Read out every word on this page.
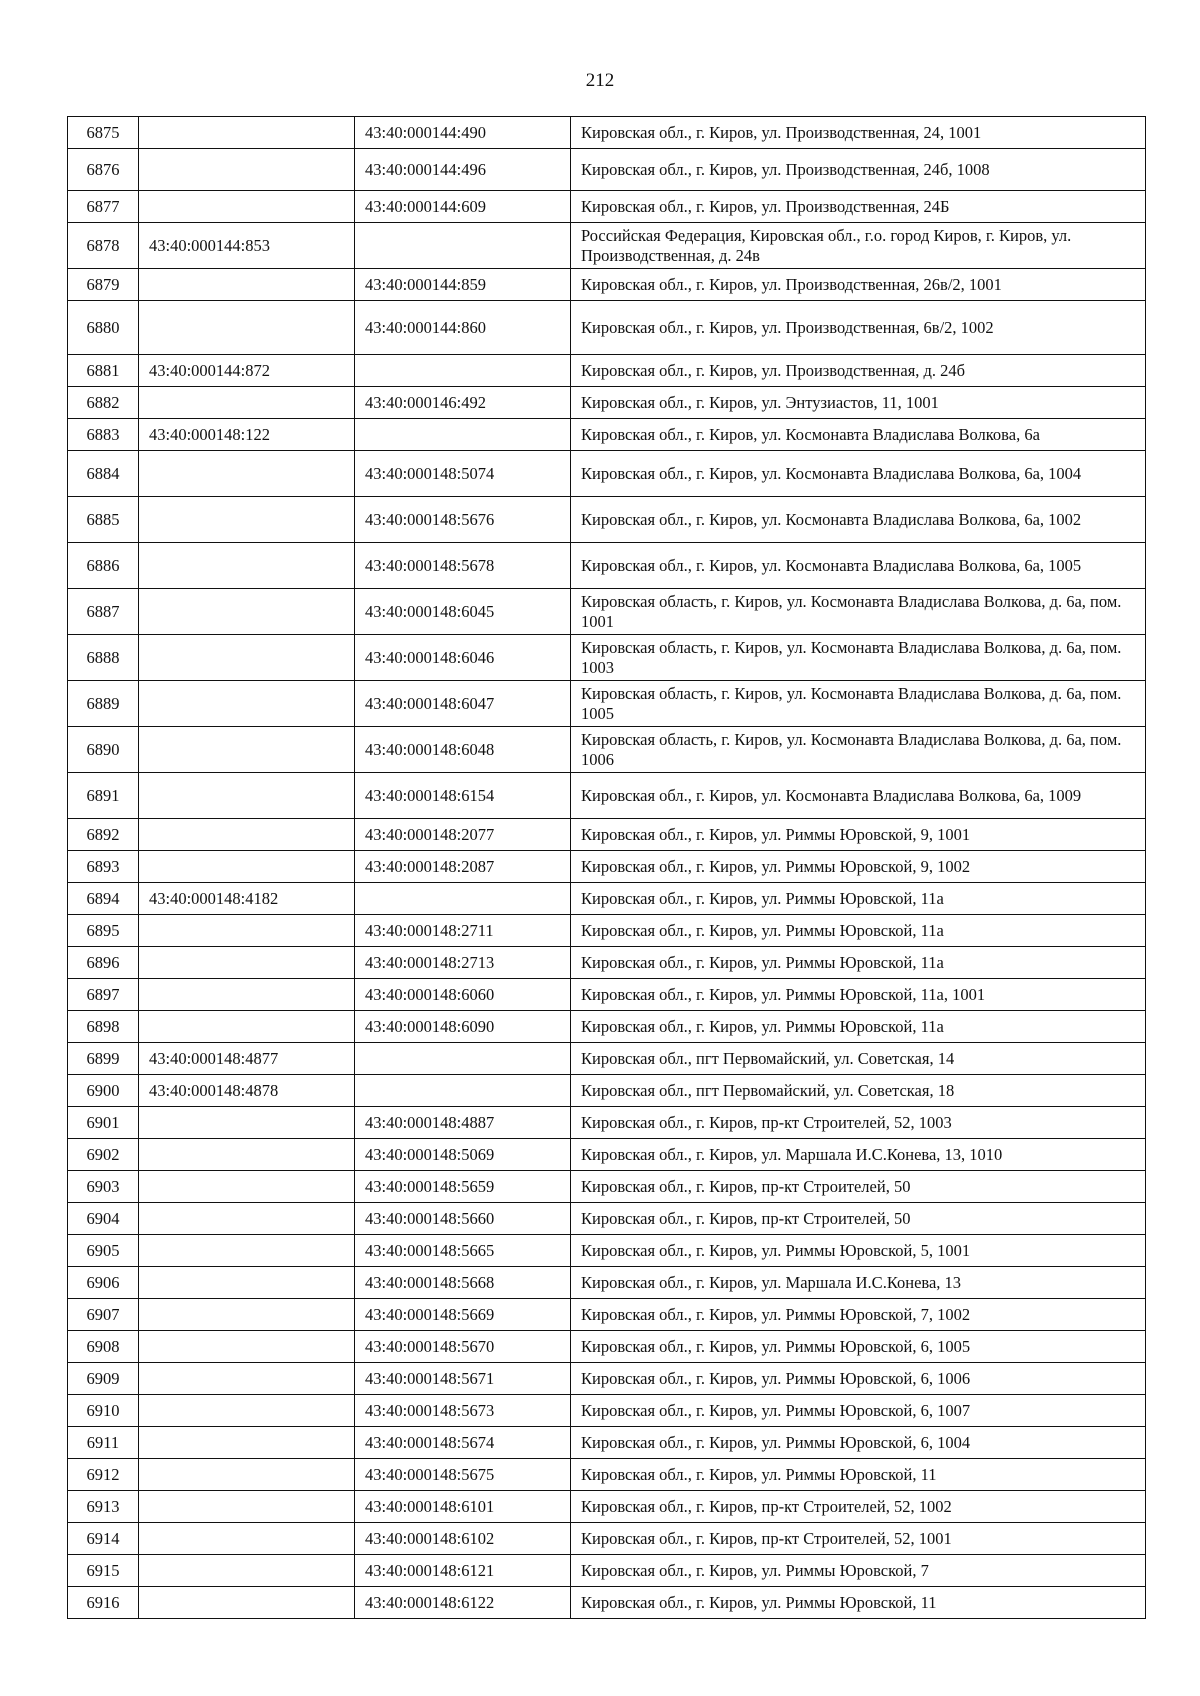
212
6875		43:40:000144:490	Кировская обл., г. Киров, ул. Производственная, 24, 1001
6876		43:40:000144:496	Кировская обл., г. Киров, ул. Производственная, 24б, 1008
6877		43:40:000144:609	Кировская обл., г. Киров, ул. Производственная, 24Б
6878	43:40:000144:853		Российская Федерация, Кировская обл., г.о. город Киров, г. Киров, ул. Производственная, д. 24в
6879		43:40:000144:859	Кировская обл., г. Киров, ул. Производственная, 26в/2, 1001
6880		43:40:000144:860	Кировская обл., г. Киров, ул. Производственная, 6в/2, 1002
6881	43:40:000144:872		Кировская обл., г. Киров, ул. Производственная, д. 24б
6882		43:40:000146:492	Кировская обл., г. Киров, ул. Энтузиастов, 11, 1001
6883	43:40:000148:122		Кировская обл., г. Киров, ул. Космонавта Владислава Волкова, 6а
6884		43:40:000148:5074	Кировская обл., г. Киров, ул. Космонавта Владислава Волкова, 6а, 1004
6885		43:40:000148:5676	Кировская обл., г. Киров, ул. Космонавта Владислава Волкова, 6а, 1002
6886		43:40:000148:5678	Кировская обл., г. Киров, ул. Космонавта Владислава Волкова, 6а, 1005
6887		43:40:000148:6045	Кировская область, г. Киров, ул. Космонавта Владислава Волкова, д. 6а, пом. 1001
6888		43:40:000148:6046	Кировская область, г. Киров, ул. Космонавта Владислава Волкова, д. 6а, пом. 1003
6889		43:40:000148:6047	Кировская область, г. Киров, ул. Космонавта Владислава Волкова, д. 6а, пом. 1005
6890		43:40:000148:6048	Кировская область, г. Киров, ул. Космонавта Владислава Волкова, д. 6а, пом. 1006
6891		43:40:000148:6154	Кировская обл., г. Киров, ул. Космонавта Владислава Волкова, 6а, 1009
6892		43:40:000148:2077	Кировская обл., г. Киров, ул. Риммы Юровской, 9, 1001
6893		43:40:000148:2087	Кировская обл., г. Киров, ул. Риммы Юровской, 9, 1002
6894	43:40:000148:4182		Кировская обл., г. Киров, ул. Риммы Юровской, 11а
6895		43:40:000148:2711	Кировская обл., г. Киров, ул. Риммы Юровской, 11а
6896		43:40:000148:2713	Кировская обл., г. Киров, ул. Риммы Юровской, 11а
6897		43:40:000148:6060	Кировская обл., г. Киров, ул. Риммы Юровской, 11а, 1001
6898		43:40:000148:6090	Кировская обл., г. Киров, ул. Риммы Юровской, 11а
6899	43:40:000148:4877		Кировская обл., пгт Первомайский, ул. Советская, 14
6900	43:40:000148:4878		Кировская обл., пгт Первомайский, ул. Советская, 18
6901		43:40:000148:4887	Кировская обл., г. Киров, пр-кт Строителей, 52, 1003
6902		43:40:000148:5069	Кировская обл., г. Киров, ул. Маршала И.С.Конева, 13, 1010
6903		43:40:000148:5659	Кировская обл., г. Киров, пр-кт Строителей, 50
6904		43:40:000148:5660	Кировская обл., г. Киров, пр-кт Строителей, 50
6905		43:40:000148:5665	Кировская обл., г. Киров, ул. Риммы Юровской, 5, 1001
6906		43:40:000148:5668	Кировская обл., г. Киров, ул. Маршала И.С.Конева, 13
6907		43:40:000148:5669	Кировская обл., г. Киров, ул. Риммы Юровской, 7, 1002
6908		43:40:000148:5670	Кировская обл., г. Киров, ул. Риммы Юровской, 6, 1005
6909		43:40:000148:5671	Кировская обл., г. Киров, ул. Риммы Юровской, 6, 1006
6910		43:40:000148:5673	Кировская обл., г. Киров, ул. Риммы Юровской, 6, 1007
6911		43:40:000148:5674	Кировская обл., г. Киров, ул. Риммы Юровской, 6, 1004
6912		43:40:000148:5675	Кировская обл., г. Киров, ул. Риммы Юровской, 11
6913		43:40:000148:6101	Кировская обл., г. Киров, пр-кт Строителей, 52, 1002
6914		43:40:000148:6102	Кировская обл., г. Киров, пр-кт Строителей, 52, 1001
6915		43:40:000148:6121	Кировская обл., г. Киров, ул. Риммы Юровской, 7
6916		43:40:000148:6122	Кировская обл., г. Киров, ул. Риммы Юровской, 11
